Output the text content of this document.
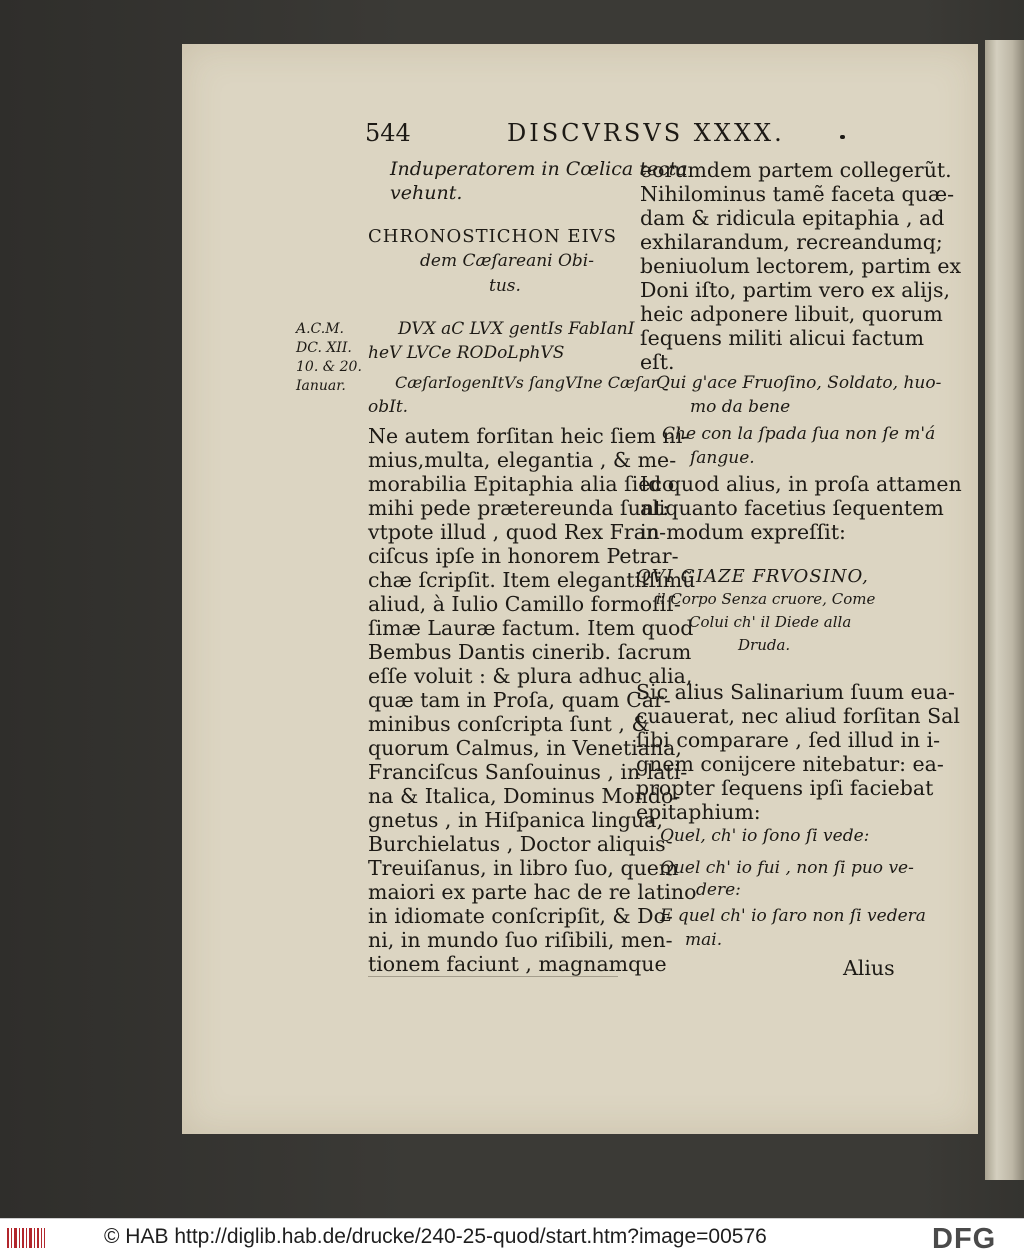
544	DISCVRSVS XXXX.
Induperatorem in Cœlica tecta
vehunt.
CHRONOSTICHON EIVS
dem Cæſareani Obi-
tus.
DVX aC LVX gentIs FabIanI
heV LVCe RODoLphVS
CæſarIogenItVs ſangVIne Cæſar
obIt.
Ne autem forſitan heic ſiem ni-
mius,multa, elegantia , & me-
morabilia Epitaphia alia ſieco
mihi pede prætereunda ſunt:
vtpote illud , quod Rex Fran-
ciſcus ipſe in honorem Petrar-
chæ ſcripſit. Item elegantiſſimũ
aliud, à Iulio Camillo formoſiſ-
ſimæ Lauræ factum. Item quod
Bembus Dantis cinerib. ſacrum
eſſe voluit : & plura adhuc alia,
quæ tam in Proſa, quam Car-
minibus conſcripta ſunt , &
quorum Calmus, in Venetiana,
Franciſcus Sanſouinus , in lati-
na & Italica, Dominus Mondo-
gnetus , in Hiſpanica lingua,
Burchielatus , Doctor aliquis
Treuiſanus, in libro ſuo, quem
maiori ex parte hac de re latino
in idiomate conſcripſit, & Do-
ni, in mundo ſuo riſibili, men-
tionem faciunt , magnamque
A.C.M.
DC. XII.
10. & 20.
Ianuar.
eorumdem partem collegerũt.
Nihilominus tamẽ faceta quæ-
dam & ridicula epitaphia , ad
exhilarandum, recreandumq;
beniuolum lectorem, partim ex
Doni iſto, partim vero ex alijs,
heic adponere libuit, quorum
ſequens militi alicui factum
eſt.
Qui g'ace Fruoſino, Soldato, huo-
mo da bene
Che con la ſpada ſua non ſe m'á
ſangue.
Id quod alius, in proſa attamen
aliquanto facetius ſequentem
in modum expreſſit:
QVI GIAZE FRVOSINO,
il Corpo Senza cruore, Come
Colui ch' il Diede alla
Druda.
Sic alius Salinarium ſuum eua-
cuauerat, nec aliud forſitan Sal
ſibi comparare , ſed illud in i-
gnem conijcere nitebatur: ea-
propter ſequens ipſi faciebat
epitaphium:
Quel, ch' io ſono ſi vede:
Quel ch' io fui , non ſi puo ve-
dere:
E quel ch' io ſaro non ſi vedera
mai.
Alius
© HAB http://diglib.hab.de/drucke/240-25-quod/start.htm?image=00576	DFG
